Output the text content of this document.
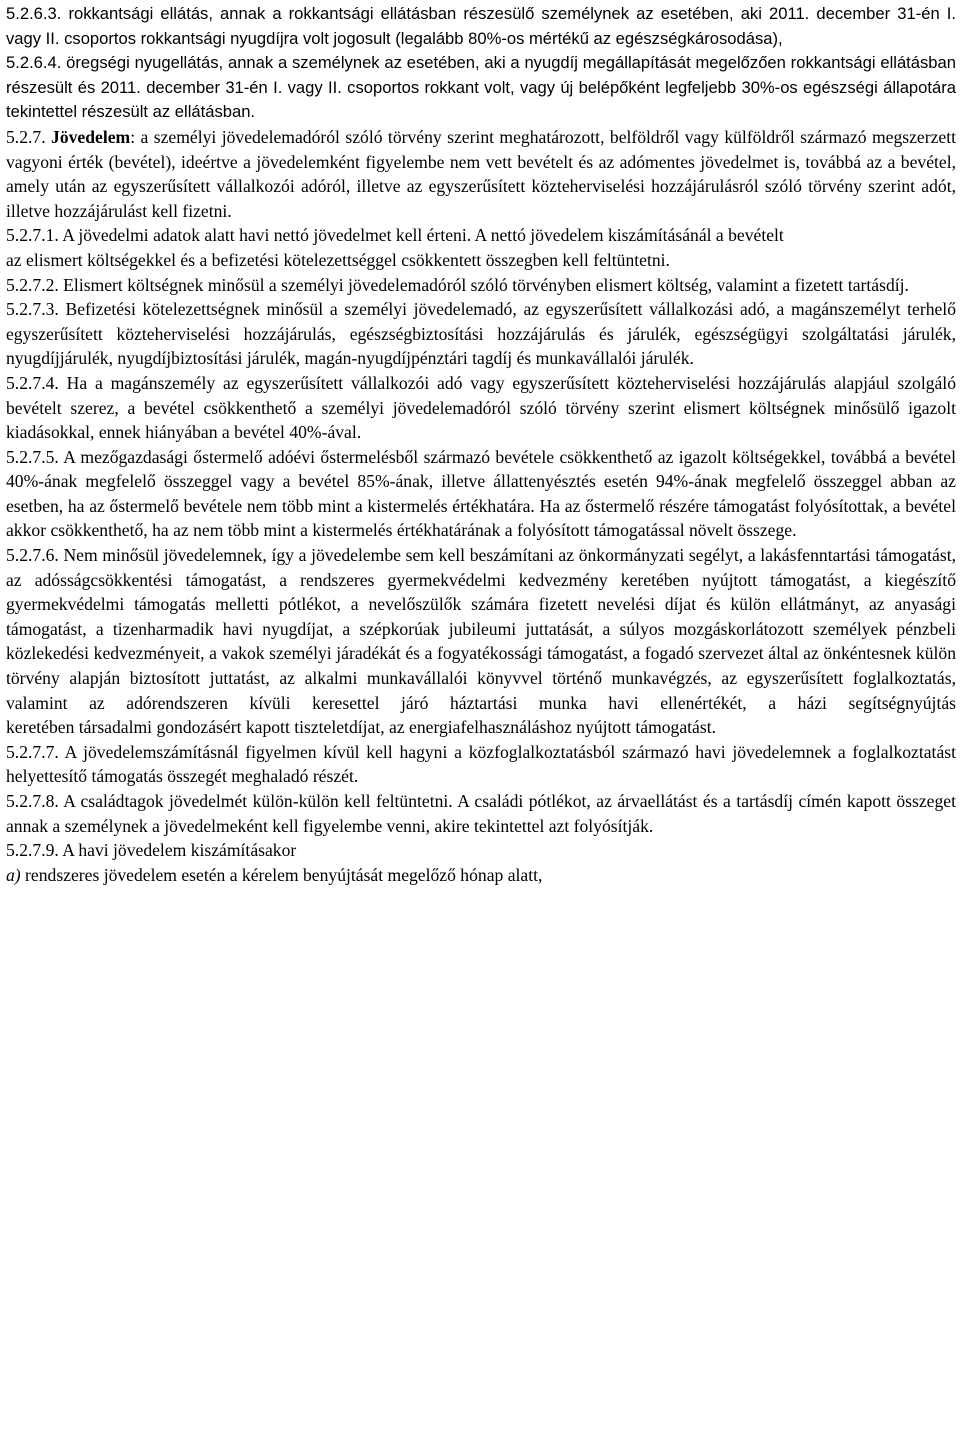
5.2.6.3. rokkantsági ellátás, annak a rokkantsági ellátásban részesülő személynek az esetében, aki 2011. december 31-én I. vagy II. csoportos rokkantsági nyugdíjra volt jogosult (legalább 80%-os mértékű az egészségkárosodása),

5.2.6.4. öregségi nyugellátás, annak a személynek az esetében, aki a nyugdíj megállapítását megelőzően rokkantsági ellátásban részesült és 2011. december 31-én I. vagy II. csoportos rokkant volt, vagy új belépőként legfeljebb 30%-os egészségi állapotára tekintettel részesült az ellátásban.

5.2.7. Jövedelem: a személyi jövedelemadóról szóló törvény szerint meghatározott, belföldről vagy külföldről származó megszerzett vagyoni érték (bevétel), ideértve a jövedelemként figyelembe nem vett bevételt és az adómentes jövedelmet is, továbbá az a bevétel, amely után az egyszerűsített vállalkozói adóról, illetve az egyszerűsített közteherviselési hozzájárulásról szóló törvény szerint adót, illetve hozzájárulást kell fizetni.

5.2.7.1. A jövedelmi adatok alatt havi nettó jövedelmet kell érteni. A nettó jövedelem kiszámításánál a bevételt

az elismert költségekkel és a befizetési kötelezettséggel csökkentett összegben kell feltüntetni.

5.2.7.2. Elismert költségnek minősül a személyi jövedelemadóról szóló törvényben elismert költség, valamint a fizetett tartásdíj.

5.2.7.3. Befizetési kötelezettségnek minősül a személyi jövedelemadó, az egyszerűsített vállalkozási adó, a magánszemélyt terhelő egyszerűsített közteherviselési hozzájárulás, egészségbiztosítási hozzájárulás és járulék, egészségügyi szolgáltatási járulék, nyugdíjjárulék, nyugdíjbiztosítási járulék, magán-nyugdíjpénztári tagdíj és munkavállalói járulék.

5.2.7.4. Ha a magánszemély az egyszerűsített vállalkozói adó vagy egyszerűsített közteherviselési hozzájárulás alapjául szolgáló bevételt szerez, a bevétel csökkenthető a személyi jövedelemadóról szóló törvény szerint elismert költségnek minősülő igazolt kiadásokkal, ennek hiányában a bevétel 40%-ával.

5.2.7.5. A mezőgazdasági őstermelő adóévi őstermelésből származó bevétele csökkenthető az igazolt költségekkel, továbbá a bevétel 40%-ának megfelelő összeggel vagy a bevétel 85%-ának, illetve állattenyésztés esetén 94%-ának megfelelő összeggel abban az esetben, ha az őstermelő bevétele nem több mint a kistermelés értékhatára. Ha az őstermelő részére támogatást folyósítottak, a bevétel akkor csökkenthető, ha az nem több mint a kistermelés értékhatárának a folyósított támogatással növelt összege.

5.2.7.6. Nem minősül jövedelemnek, így a jövedelembe sem kell beszámítani az önkormányzati segélyt, a lakásfenntartási támogatást, az adósságcsökkentési támogatást, a rendszeres gyermekvédelmi kedvezmény keretében nyújtott támogatást, a kiegészítő gyermekvédelmi támogatás melletti pótlékot, a nevelőszülők számára fizetett nevelési díjat és külön ellátmányt, az anyasági támogatást, a tizenharmadik havi nyugdíjat, a szépkorúak jubileumi juttatását, a súlyos mozgáskorlátozott személyek pénzbeli közlekedési kedvezményeit, a vakok személyi járadékát és a fogyatékossági támogatást, a fogadó szervezet által az önkéntesnek külön törvény alapján biztosított juttatást, az alkalmi munkavállalói könyvvel történő munkavégzés, az egyszerűsített foglalkoztatás, valamint az adórendszeren kívüli keresettel járó háztartási munka havi ellenértékét, a házi segítségnyújtás

keretében társadalmi gondozásért kapott tiszteletdíjat, az energiafelhasználáshoz nyújtott támogatást.

5.2.7.7. A jövedelemszámításnál figyelmen kívül kell hagyni a közfoglalkoztatásból származó havi jövedelemnek a foglalkoztatást helyettesítő támogatás összegét meghaladó részét.

5.2.7.8. A családtagok jövedelmét külön-külön kell feltüntetni. A családi pótlékot, az árvaellátást és a tartásdíj címén kapott összeget annak a személynek a jövedelmeként kell figyelembe venni, akire tekintettel azt folyósítják.

5.2.7.9. A havi jövedelem kiszámításakor

a) rendszeres jövedelem esetén a kérelem benyújtását megelőző hónap alatt,
